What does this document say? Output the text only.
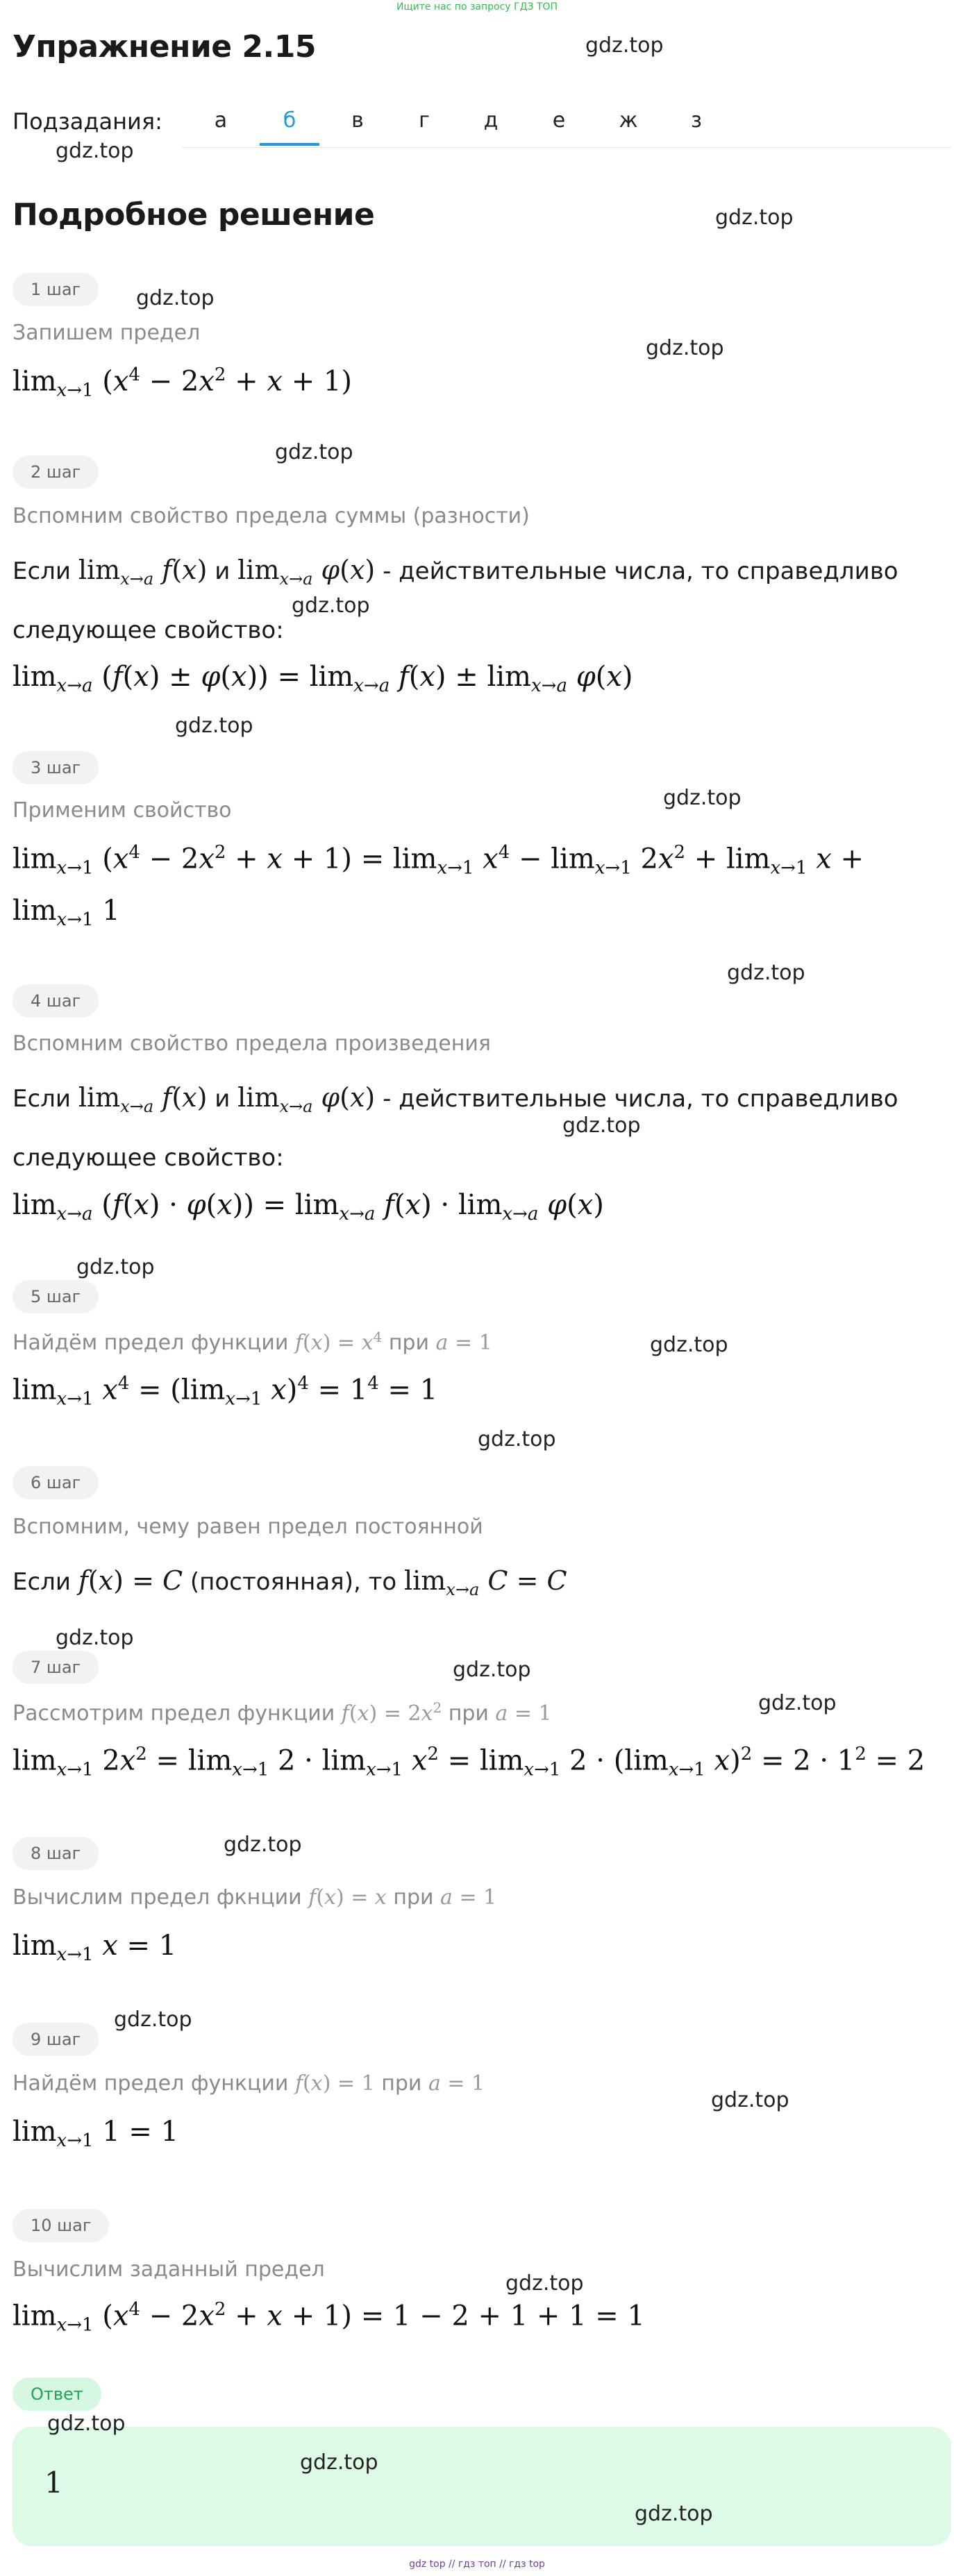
Ищите нас по запросу ГДЗ ТОП
Упражнение 2.15
Подзадания:	а	б	в	г	д	е	ж	з
Подробное решение
1 шаг
Запишем предел
$\lim_{x\to 1} (x^4 - 2x^2 + x + 1)$
2 шаг
Вспомним свойство предела суммы (разности)
Если $\lim_{x\to a} f(x)$ и $\lim_{x\to a} \varphi(x)$ - действительные числа, то справедливо следующее свойство:
$\lim_{x\to a} (f(x) \pm \varphi(x)) = \lim_{x\to a} f(x) \pm \lim_{x\to a} \varphi(x)$
3 шаг
Применим свойство
$\lim_{x\to 1} (x^4 - 2x^2 + x + 1) = \lim_{x\to 1} x^4 - \lim_{x\to 1} 2x^2 + \lim_{x\to 1} x$ +
$\lim_{x\to 1} 1$
4 шаг
Вспомним свойство предела произведения
Если $\lim_{x\to a} f(x)$ и $\lim_{x\to a} \varphi(x)$ - действительные числа, то справедливо следующее свойство:
$\lim_{x\to a} (f(x) \cdot \varphi(x)) = \lim_{x\to a} f(x) \cdot \lim_{x\to a} \varphi(x)$
5 шаг
Найдём предел функции $f(x) = x^4$ при a = 1
$\lim_{x\to 1} x^4 = (\lim_{x\to 1}$ $x)^4 = 1^4 = 1$
6 шаг
Вспомним, чему равен предел постоянной
Если f(x) = C (постоянная), то $\lim_{x\to a} C = C$
7 шаг
Рассмотрим предел функции $f(x) = 2x^2$ при a = 1
$\lim_{x\to 1} 2x^2 = \lim_{x\to 1} 2 \cdot \lim_{x\to 1} x^2 = \lim_{x\to 1} 2 \cdot (\lim_{x\to 1}$ $x)^2 = 2 \cdot 1^2 = 2$
8 шаг
Вычислим предел фкнции f(x) = x при a = 1
$\lim_{x\to 1} x = 1$
9 шаг
Найдём предел функции f(x) = 1 при a = 1
$\lim_{x\to 1} 1 = 1$
10 шаг
Вычислим заданный предел
$\lim_{x\to 1} (x^4 - 2x^2 + x + 1) = 1 - 2 + 1 + 1 = 1$
Ответ
1
gdz top // гдз топ // гдз top
gdz.top
gdz.top
gdz.top
gdz.top
gdz.top
gdz.top
gdz.top
gdz.top
gdz.top
gdz.top
gdz.top
gdz.top
gdz.top
gdz.top
gdz.top
gdz.top
gdz.top
gdz.top
gdz.top
gdz.top
gdz.top
gdz.top
gdz.top
gdz.top
